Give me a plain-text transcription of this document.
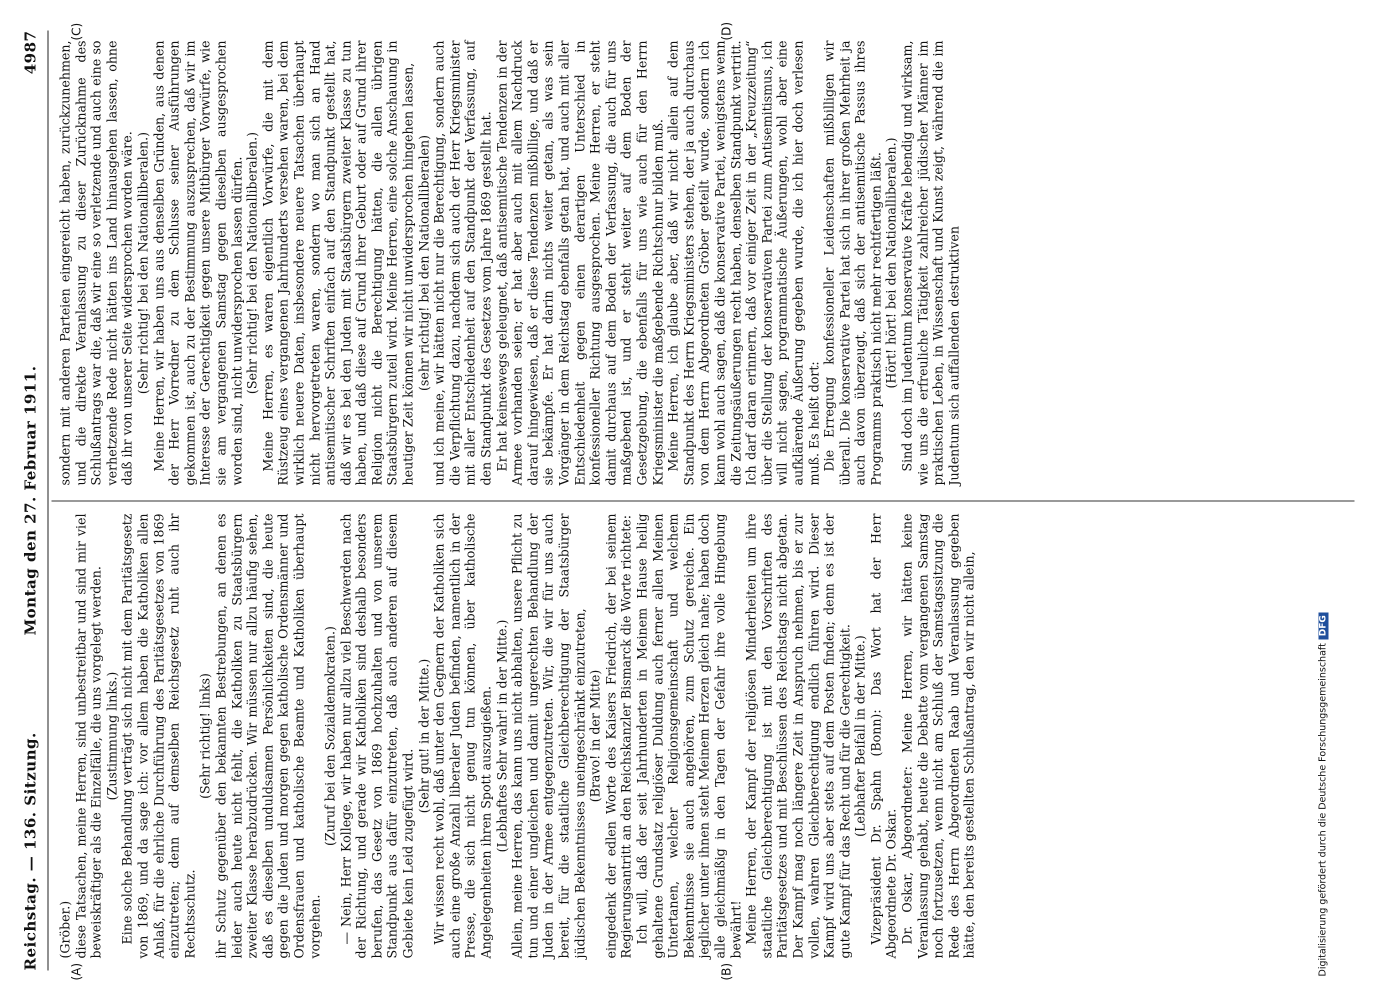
Reichstag. — 136. Sitzung.
Montag den 27. Februar 1911.
4987
(A)	(B)
(C)	(D)

(Gröber.) diese Tatsachen, meine Herren, sind unbestreitbar und sind mir viel beweiskräftiger als die Einzelfälle, die uns vorgelegt werden. (Zustimmung links.) Eine solche Behandlung verträgt sich nicht mit dem Paritätsgesetz von 1869, und da sage ich: vor allem haben die Katholiken allen Anlaß, für die ehrliche Durchführung des Paritätsgesetzes von 1869 einzutreten; denn auf demselben Reichsgesetz ruht auch ihr Rechtsschutz.

(Sehr richtig! links) ihr Schutz gegenüber den bekannten Bestrebungen, an denen es leider auch heute nicht fehlt, die Katholiken zu Staatsbürgern zweiter Klasse herabzudrücken. Wir müssen nur allzu häufig sehen, daß es dieselben unduldsamen Persönlichkeiten sind, die heute gegen die Juden und morgen gegen katholische Ordensmänner und Ordensfrauen und katholische Beamte und Katholiken überhaupt vorgehen.

(Zuruf bei den Sozialdemokraten.) — Nein, Herr Kollege, wir haben nur allzu viel Beschwerden nach der Richtung, und gerade wir Katholiken sind deshalb besonders berufen, das Gesetz von 1869 hochzuhalten und von unserem Standpunkt aus dafür einzutreten, daß auch anderen auf diesem Gebiete kein Leid zugefügt wird.

(Sehr gut! in der Mitte.) Wir wissen recht wohl, daß unter den Gegnern der Katholiken sich auch eine große Anzahl liberaler Juden befinden, namentlich in der Presse, die sich nicht genug tun können, über katholische Angelegenheiten ihren Spott auszugießen. (Lebhaftes Sehr wahr! in der Mitte.) Allein, meine Herren, das kann uns nicht abhalten, unsere Pflicht zu tun und einer ungleichen und damit ungerechten Behandlung der Juden in der Armee entgegenzutreten. Wir, die wir für uns auch bereit, für die staatliche Gleichberechtigung der Staatsbürger jüdischen Bekenntnisses uneingeschränkt einzutreten, (Bravo! in der Mitte) eingedenk der edlen Worte des Kaisers Friedrich, der bei seinem Regierungsantritt an den Reichskanzler Bismarck die Worte richtete: Ich will, daß der seit Jahrhunderten in Meinem Hause heilig gehaltene Grundsatz religiöser Duldung auch ferner allen Meinen Untertanen, welcher Religionsgemeinschaft und welchem Bekenntnisse sie auch angehören, zum Schutz gereiche. Ein jeglicher unter ihnen steht Meinem Herzen gleich nahe; haben doch alle gleichmäßig in den Tagen der Gefahr ihre volle Hingebung bewährt! Meine Herren, der Kampf der religiösen Minderheiten um ihre staatliche Gleichberechtigung ist mit den Vorschriften des Paritätsgesetzes und mit Beschlüssen des Reichstags nicht abgetan. Der Kampf mag noch längere Zeit in Anspruch nehmen, bis er zur vollen, wahren Gleichberechtigung endlich führen wird. Dieser Kampf wird uns aber stets auf dem Posten finden; denn es ist der gute Kampf für das Recht und für die Gerechtigkeit. (Lebhafter Beifall in der Mitte.) Vizepräsident Dr. Spahn (Bonn): Das Wort hat der Herr Abgeordnete Dr. Oskar. Dr. Oskar, Abgeordneter: Meine Herren, wir hätten keine Veranlassung gehabt, heute die Debatte vom vergangenen Samstag noch fortzusetzen, wenn nicht am Schluß der Samstagssitzung die Rede des Herrn Abgeordneten Raab und Veranlassung gegeben hätte, den bereits gestellten Schlußantrag, den wir nicht allein,

sondern mit anderen Parteien eingereicht haben, zurückzunehmen, und die direkte Veranlassung zu dieser Zurücknahme des Schlußantrags war die, daß wir eine so verletzende und auch eine so verhetzende Rede nicht hätten ins Land hinausgehen lassen, ohne daß ihr von unserer Seite widersprochen worden wäre. (Sehr richtig! bei den Nationalliberalen.) Meine Herren, wir haben uns aus denselben Gründen, aus denen der Herr Vorredner zu dem Schlusse seiner Ausführungen gekommen ist, auch zu der Bestimmung auszusprechen, daß wir im Interesse der Gerechtigkeit gegen unsere Mitbürger Vorwürfe, wie sie am vergangenen Samstag gegen dieselben ausgesprochen worden sind, nicht unwidersprochen lassen dürfen. (Sehr richtig! bei den Nationalliberalen.) Meine Herren, es waren eigentlich Vorwürfe, die mit dem Rüstzeug eines vergangenen Jahrhunderts versehen waren, bei dem wirklich neuere Daten, insbesondere neuere Tatsachen überhaupt nicht hervorgetreten waren, sondern wo man sich an Hand antisemitischer Schriften einfach auf den Standpunkt gestellt hat, daß wir es bei den Juden mit Staatsbürgern zweiter Klasse zu tun haben, und daß diese auf Grund ihrer Geburt oder auf Grund ihrer Religion nicht die Berechtigung hätten, die allen übrigen Staatsbürgern zuteil wird. Meine Herren, eine solche Anschauung in heutiger Zeit können wir nicht unwidersprochen hingehen lassen, (sehr richtig! bei den Nationalliberalen) und ich meine, wir hätten nicht nur die Berechtigung, sondern auch die Verpflichtung dazu, nachdem sich auch der Herr Kriegsminister mit aller Entschiedenheit auf den Standpunkt der Verfassung, auf den Standpunkt des Gesetzes vom Jahre 1869 gestellt hat. Er hat keineswegs geleugnet, daß antisemitische Tendenzen in der Armee vorhanden seien; er hat aber auch mit allem Nachdruck darauf hingewiesen, daß er diese Tendenzen mißbillige, und daß er sie bekämpfe. Er hat darin nichts weiter getan, als was sein Vorgänger in dem Reichstag ebenfalls getan hat, und auch mit aller Entschiedenheit gegen einen derartigen Unterschied in konfessioneller Richtung ausgesprochen. Meine Herren, er steht damit durchaus auf dem Boden der Verfassung, die auch für uns maßgebend ist, und er steht weiter auf dem Boden der Gesetzgebung, die ebenfalls für uns wie auch für den Herrn Kriegsminister die maßgebende Richtschnur bilden muß. Meine Herren, ich glaube aber, daß wir nicht allein auf dem Standpunkt des Herrn Kriegsministers stehen, der ja auch durchaus von dem Herrn Abgeordneten Gröber geteilt wurde, sondern ich kann wohl auch sagen, daß die konservative Partei, wenigstens wenn die Zeitungsäußerungen recht haben, denselben Standpunkt vertritt. Ich darf daran erinnern, daß vor einiger Zeit in der „Kreuzzeitung“ über die Stellung der konservativen Partei zum Antisemitismus, ich will nicht sagen, programmatische Äußerungen, wohl aber eine aufklärende Äußerung gegeben wurde, die ich hier doch verlesen muß. Es heißt dort: Die Erregung konfessioneller Leidenschaften mißbilligen wir überall. Die konservative Partei hat sich in ihrer großen Mehrheit ja auch davon überzeugt, daß sich der antisemitische Passus ihres Programms praktisch nicht mehr rechtfertigen läßt. (Hört! hört! bei den Nationalliberalen.) Sind doch im Judentum konservative Kräfte lebendig und wirksam, wie uns die erfreuliche Tätigkeit zahlreicher jüdischer Männer im praktischen Leben, in Wissenschaft und Kunst zeigt, während die im Judentum sich auffallenden destruktiven

Digitalisierung gefördert durch die Deutsche ForschungsgemeinschaftDFG
